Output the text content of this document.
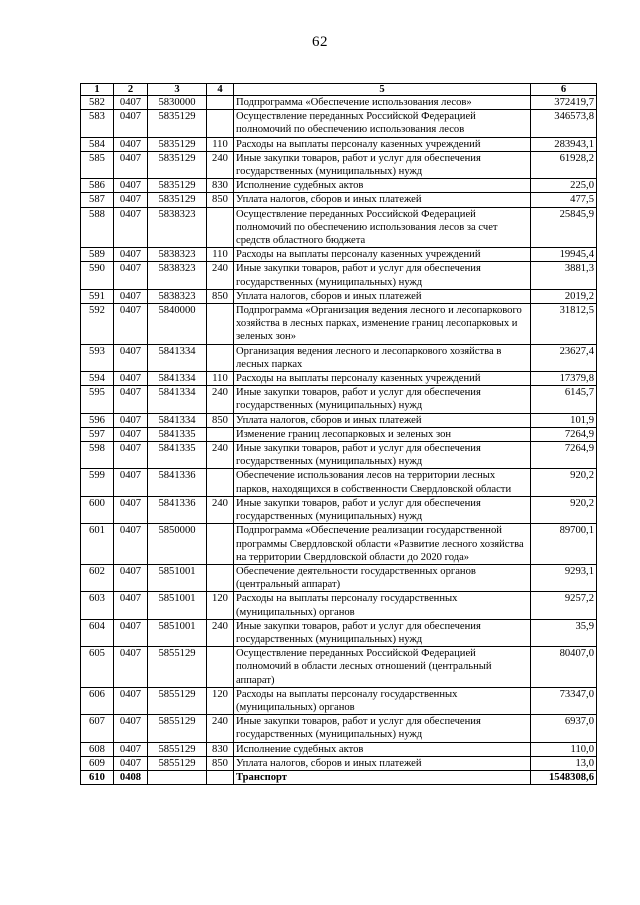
62
1	2	3	4	5	6
582	0407	5830000		Подпрограмма «Обеспечение использования лесов»	372419,7
583	0407	5835129		Осуществление переданных Российской Федерацией полномочий по обеспечению использования лесов	346573,8
584	0407	5835129	110	Расходы на выплаты персоналу казенных учреждений	283943,1
585	0407	5835129	240	Иные закупки товаров, работ и услуг для обеспечения государственных (муниципальных) нужд	61928,2
586	0407	5835129	830	Исполнение судебных актов	225,0
587	0407	5835129	850	Уплата налогов, сборов и иных платежей	477,5
588	0407	5838323		Осуществление переданных Российской Федерацией полномочий по обеспечению использования лесов за счет средств областного бюджета	25845,9
589	0407	5838323	110	Расходы на выплаты персоналу казенных учреждений	19945,4
590	0407	5838323	240	Иные закупки товаров, работ и услуг для обеспечения государственных (муниципальных) нужд	3881,3
591	0407	5838323	850	Уплата налогов, сборов и иных платежей	2019,2
592	0407	5840000		Подпрограмма «Организация ведения лесного и лесопаркового хозяйства в лесных парках, изменение границ лесопарковых и зеленых зон»	31812,5
593	0407	5841334		Организация ведения лесного и лесопаркового хозяйства в лесных парках	23627,4
594	0407	5841334	110	Расходы на выплаты персоналу казенных учреждений	17379,8
595	0407	5841334	240	Иные закупки товаров, работ и услуг для обеспечения государственных (муниципальных) нужд	6145,7
596	0407	5841334	850	Уплата налогов, сборов и иных платежей	101,9
597	0407	5841335		Изменение границ лесопарковых и зеленых зон	7264,9
598	0407	5841335	240	Иные закупки товаров, работ и услуг для обеспечения государственных (муниципальных) нужд	7264,9
599	0407	5841336		Обеспечение использования лесов на территории лесных парков, находящихся в собственности Свердловской области	920,2
600	0407	5841336	240	Иные закупки товаров, работ и услуг для обеспечения государственных (муниципальных) нужд	920,2
601	0407	5850000		Подпрограмма «Обеспечение реализации государственной программы Свердловской области «Развитие лесного хозяйства на территории Свердловской области до 2020 года»	89700,1
602	0407	5851001		Обеспечение деятельности государственных органов (центральный аппарат)	9293,1
603	0407	5851001	120	Расходы на выплаты персоналу государственных (муниципальных) органов	9257,2
604	0407	5851001	240	Иные закупки товаров, работ и услуг для обеспечения государственных (муниципальных) нужд	35,9
605	0407	5855129		Осуществление переданных Российской Федерацией полномочий в области лесных отношений (центральный аппарат)	80407,0
606	0407	5855129	120	Расходы на выплаты персоналу государственных (муниципальных) органов	73347,0
607	0407	5855129	240	Иные закупки товаров, работ и услуг для обеспечения государственных (муниципальных) нужд	6937,0
608	0407	5855129	830	Исполнение судебных актов	110,0
609	0407	5855129	850	Уплата налогов, сборов и иных платежей	13,0
610	0408			Транспорт	1548308,6
